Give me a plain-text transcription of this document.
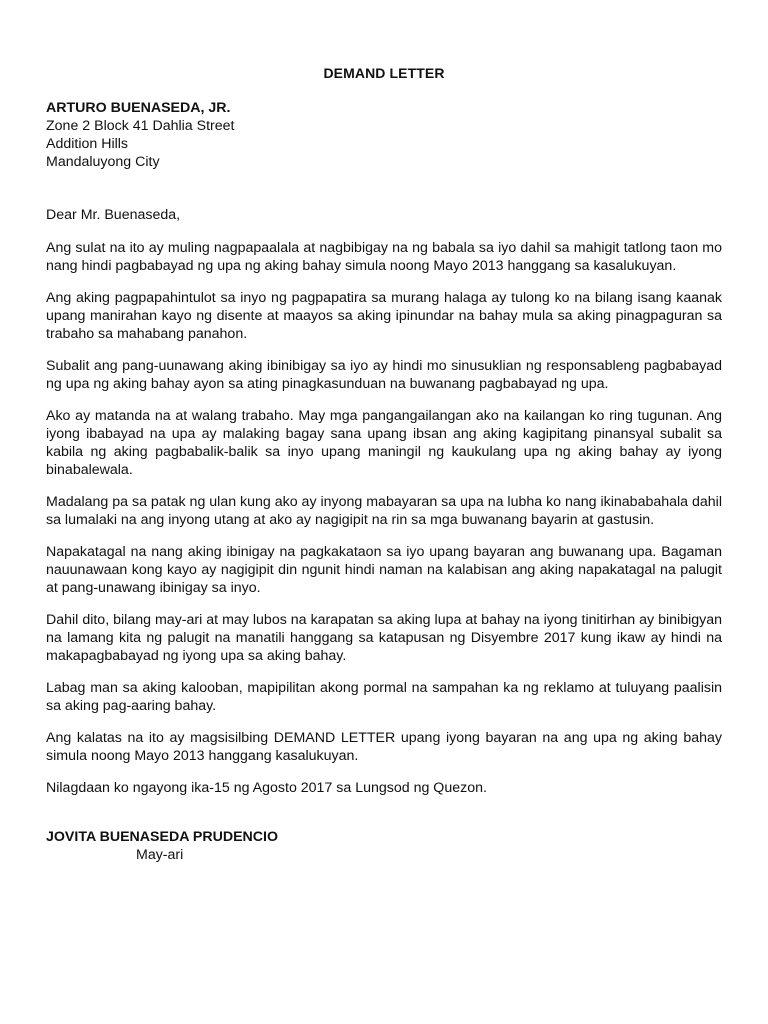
DEMAND LETTER
ARTURO BUENASEDA, JR.
Zone 2 Block 41 Dahlia Street
Addition Hills
Mandaluyong City
Dear Mr. Buenaseda,

Ang sulat na ito ay muling nagpapaalala at nagbibigay na ng babala sa iyo dahil sa mahigit tatlong taon mo nang hindi pagbabayad ng upa ng aking bahay simula noong Mayo 2013 hanggang sa kasalukuyan.

Ang aking pagpapahintulot sa inyo ng pagpapatira sa murang halaga ay tulong ko na bilang isang kaanak upang manirahan kayo ng disente at maayos sa aking ipinundar na bahay mula sa aking pinagpaguran sa trabaho sa mahabang panahon.

Subalit ang pang-uunawang aking ibinibigay sa iyo ay hindi mo sinusuklian ng responsableng pagbabayad ng upa ng aking bahay ayon sa ating pinagkasunduan na buwanang pagbabayad ng upa.

Ako ay matanda na at walang trabaho. May mga pangangailangan ako na kailangan ko ring tugunan. Ang iyong ibabayad na upa ay malaking bagay sana upang ibsan ang aking kagipitang pinansyal subalit sa kabila ng aking pagbabalik-balik sa inyo upang maningil ng kaukulang upa ng aking bahay ay iyong binabalewala.

Madalang pa sa patak ng ulan kung ako ay inyong mabayaran sa upa na lubha ko nang ikinababahala dahil sa lumalaki na ang inyong utang at ako ay nagigipit na rin sa mga buwanang bayarin at gastusin.

Napakatagal na nang aking ibinigay na pagkakataon sa iyo upang bayaran ang buwanang upa. Bagaman nauunawaan kong kayo ay nagigipit din ngunit hindi naman na kalabisan ang aking napakatagal na palugit at pang-unawang ibinigay sa inyo.

Dahil dito, bilang may-ari at may lubos na karapatan sa aking lupa at bahay na iyong tinitirhan ay binibigyan na lamang kita ng palugit na manatili hanggang sa katapusan ng Disyembre 2017 kung ikaw ay hindi na makapagbabayad ng iyong upa sa aking bahay.

Labag man sa aking kalooban, mapipilitan akong pormal na sampahan ka ng reklamo at tuluyang paalisin sa aking pag-aaring bahay.

Ang kalatas na ito ay magsisilbing DEMAND LETTER upang iyong bayaran na ang upa ng aking bahay simula noong Mayo 2013 hanggang kasalukuyan.

Nilagdaan ko ngayong ika-15 ng Agosto 2017 sa Lungsod ng Quezon.

JOVITA BUENASEDA PRUDENCIO
May-ari
